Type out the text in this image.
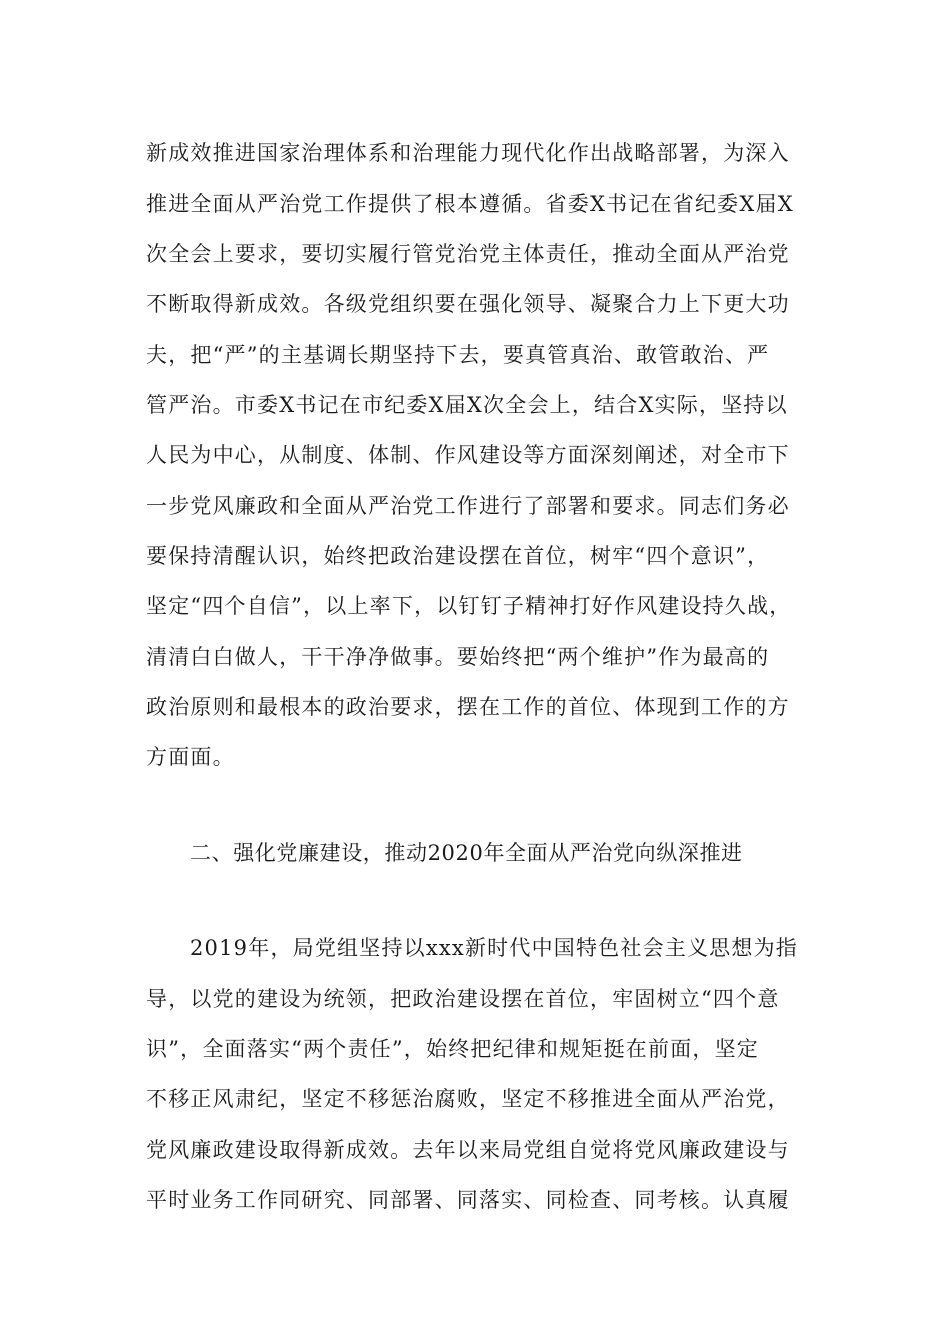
新成效推进国家治理体系和治理能力现代化作出战略部署，为深入
推进全面从严治党工作提供了根本遵循。省委X书记在省纪委X届X
次全会上要求，要切实履行管党治党主体责任，推动全面从严治党
不断取得新成效。各级党组织要在强化领导、凝聚合力上下更大功
夫，把“严”的主基调长期坚持下去，要真管真治、敢管敢治、严
管严治。市委X书记在市纪委X届X次全会上，结合X实际，坚持以
人民为中心，从制度、体制、作风建设等方面深刻阐述，对全市下
一步党风廉政和全面从严治党工作进行了部署和要求。同志们务必
要保持清醒认识，始终把政治建设摆在首位，树牢“四个意识”，
坚定“四个自信”，以上率下，以钉钉子精神打好作风建设持久战，
清清白白做人，干干净净做事。要始终把“两个维护”作为最高的
政治原则和最根本的政治要求，摆在工作的首位、体现到工作的方
方面面。
二、强化党廉建设，推动2020年全面从严治党向纵深推进
2019年，局党组坚持以xxx新时代中国特色社会主义思想为指
导，以党的建设为统领，把政治建设摆在首位，牢固树立“四个意
识”，全面落实“两个责任”，始终把纪律和规矩挺在前面，坚定
不移正风肃纪，坚定不移惩治腐败，坚定不移推进全面从严治党，
党风廉政建设取得新成效。去年以来局党组自觉将党风廉政建设与
平时业务工作同研究、同部署、同落实、同检查、同考核。认真履
